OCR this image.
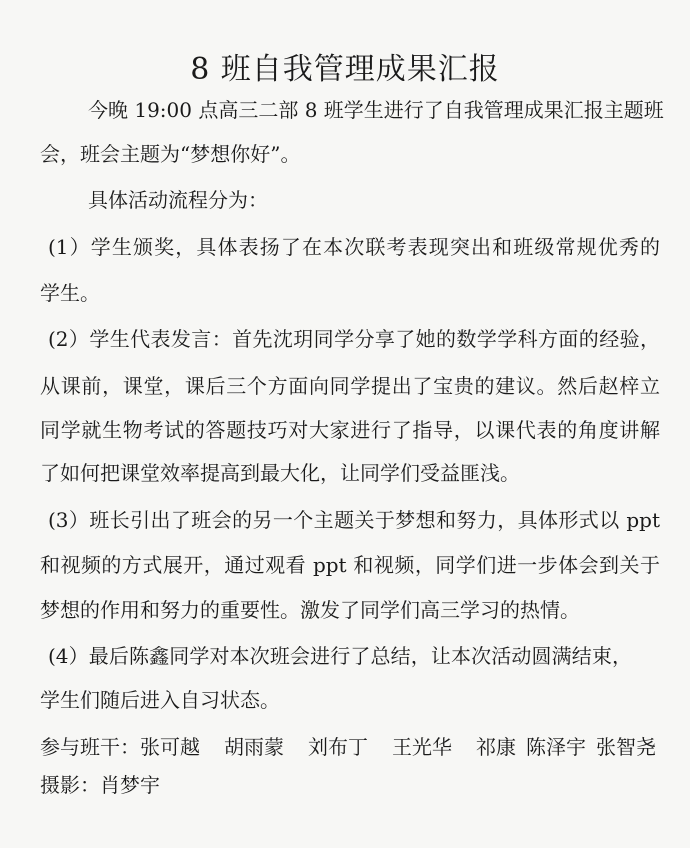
8 班自我管理成果汇报
今晚 19:00 点高三二部 8 班学生进行了自我管理成果汇报主题班
会，班会主题为“梦想你好”。
具体活动流程分为：
(1）学生颁奖，具体表扬了在本次联考表现突出和班级常规优秀的
学生。
(2）学生代表发言：首先沈玥同学分享了她的数学学科方面的经验，
从课前，课堂，课后三个方面向同学提出了宝贵的建议。然后赵梓立
同学就生物考试的答题技巧对大家进行了指导，以课代表的角度讲解
了如何把课堂效率提高到最大化，让同学们受益匪浅。
(3）班长引出了班会的另一个主题关于梦想和努力，具体形式以 ppt
和视频的方式展开，通过观看 ppt 和视频，同学们进一步体会到关于
梦想的作用和努力的重要性。激发了同学们高三学习的热情。
(4）最后陈鑫同学对本次班会进行了总结，让本次活动圆满结束，
学生们随后进入自习状态。
参与班干：张可越 胡雨蒙 刘布丁 王光华 祁康 陈泽宇 张智尧
摄影：肖梦宇
